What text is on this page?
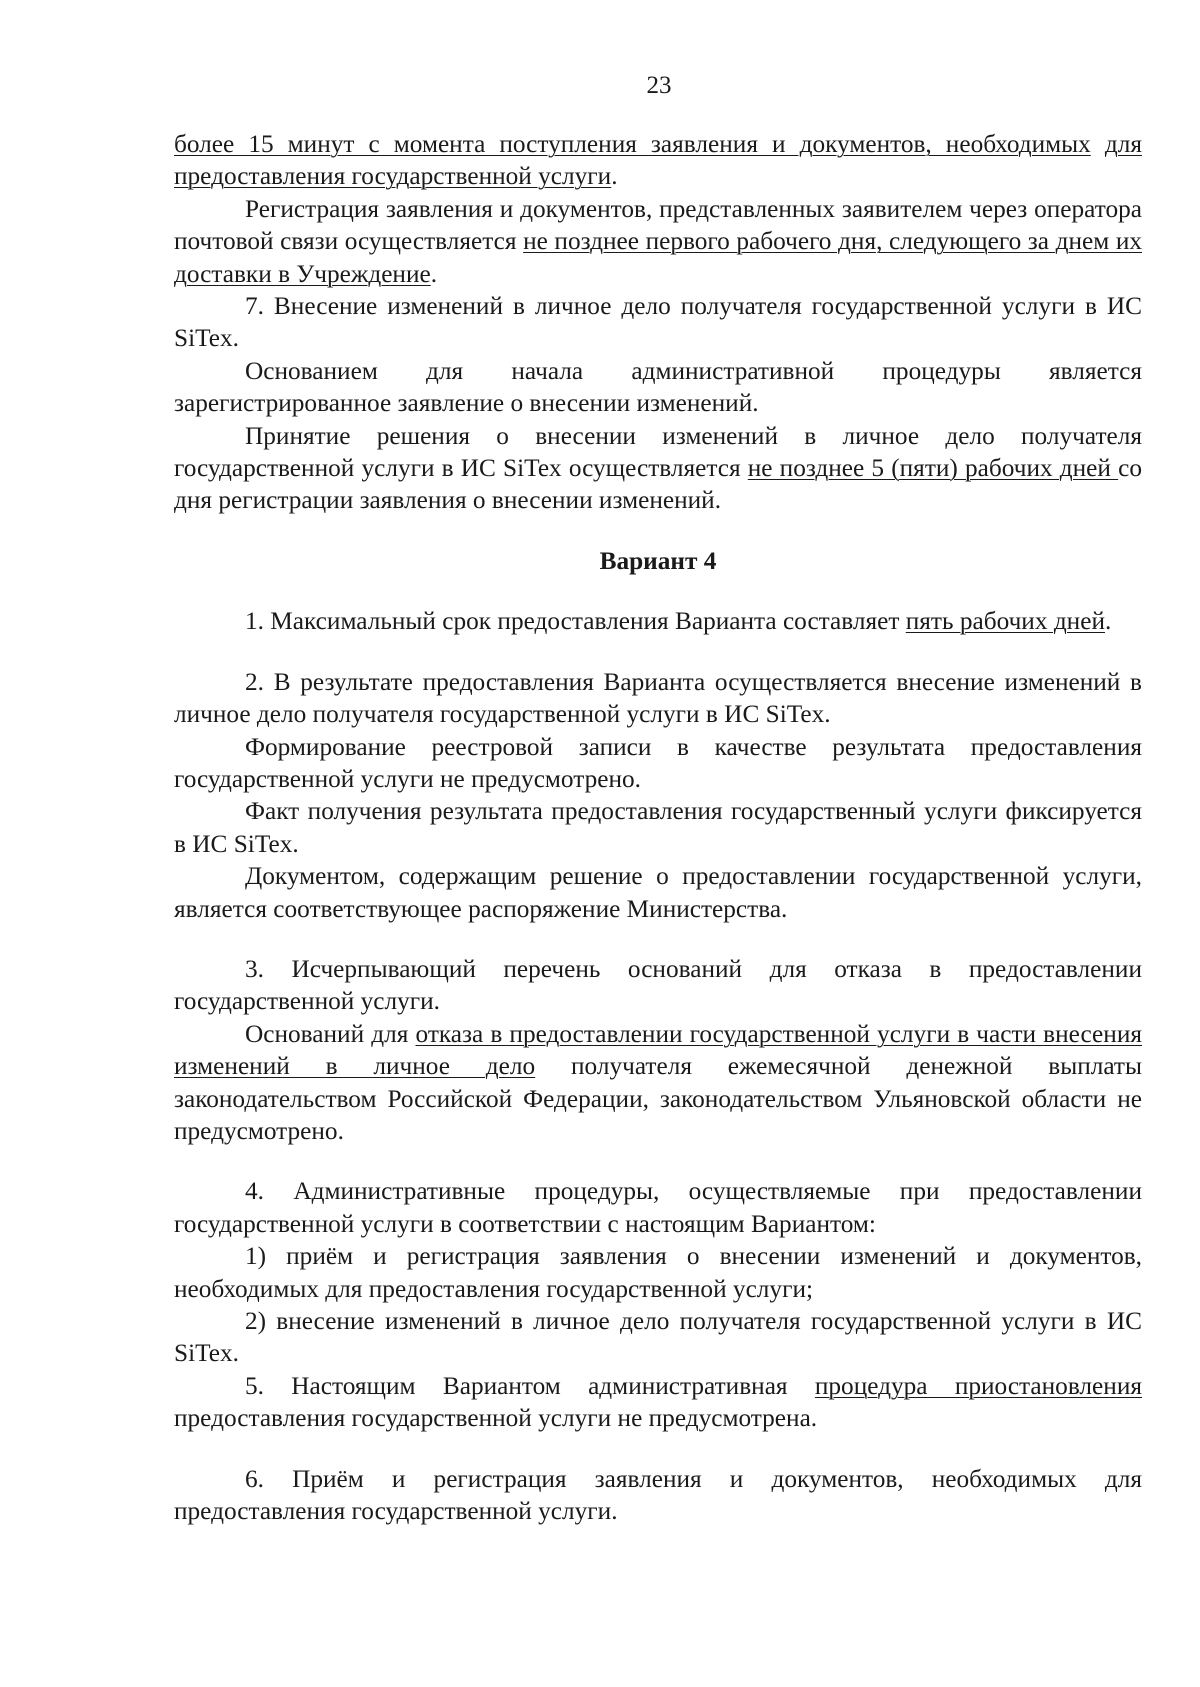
23

более 15 минут с момента поступления заявления и документов, необходимых для предоставления государственной услуги.

Регистрация заявления и документов, представленных заявителем через оператора почтовой связи осуществляется не позднее первого рабочего дня, следующего за днем их доставки в Учреждение.

7. Внесение изменений в личное дело получателя государственной услуги в ИС SiTex.

Основанием для начала административной процедуры является зарегистрированное заявление о внесении изменений.

Принятие решения о внесении изменений в личное дело получателя государственной услуги в ИС SiTex осуществляется не позднее 5 (пяти) рабочих дней со дня регистрации заявления о внесении изменений.

Вариант 4

1. Максимальный срок предоставления Варианта составляет пять рабочих дней.

2. В результате предоставления Варианта осуществляется внесение изменений в личное дело получателя государственной услуги в ИС SiTex.

Формирование реестровой записи в качестве результата предоставления государственной услуги не предусмотрено.

Факт получения результата предоставления государственный услуги фиксируется в ИС SiTex.

Документом, содержащим решение о предоставлении государственной услуги, является соответствующее распоряжение Министерства.

3. Исчерпывающий перечень оснований для отказа в предоставлении государственной услуги.

Оснований для отказа в предоставлении государственной услуги в части внесения изменений в личное дело получателя ежемесячной денежной выплаты законодательством Российской Федерации, законодательством Ульяновской области не предусмотрено.

4. Административные процедуры, осуществляемые при предоставлении государственной услуги в соответствии с настоящим Вариантом:

1) приём и регистрация заявления о внесении изменений и документов, необходимых для предоставления государственной услуги;

2) внесение изменений в личное дело получателя государственной услуги в ИС SiTex.

5. Настоящим Вариантом административная процедура приостановления предоставления государственной услуги не предусмотрена.

6. Приём и регистрация заявления и документов, необходимых для предоставления государственной услуги.
